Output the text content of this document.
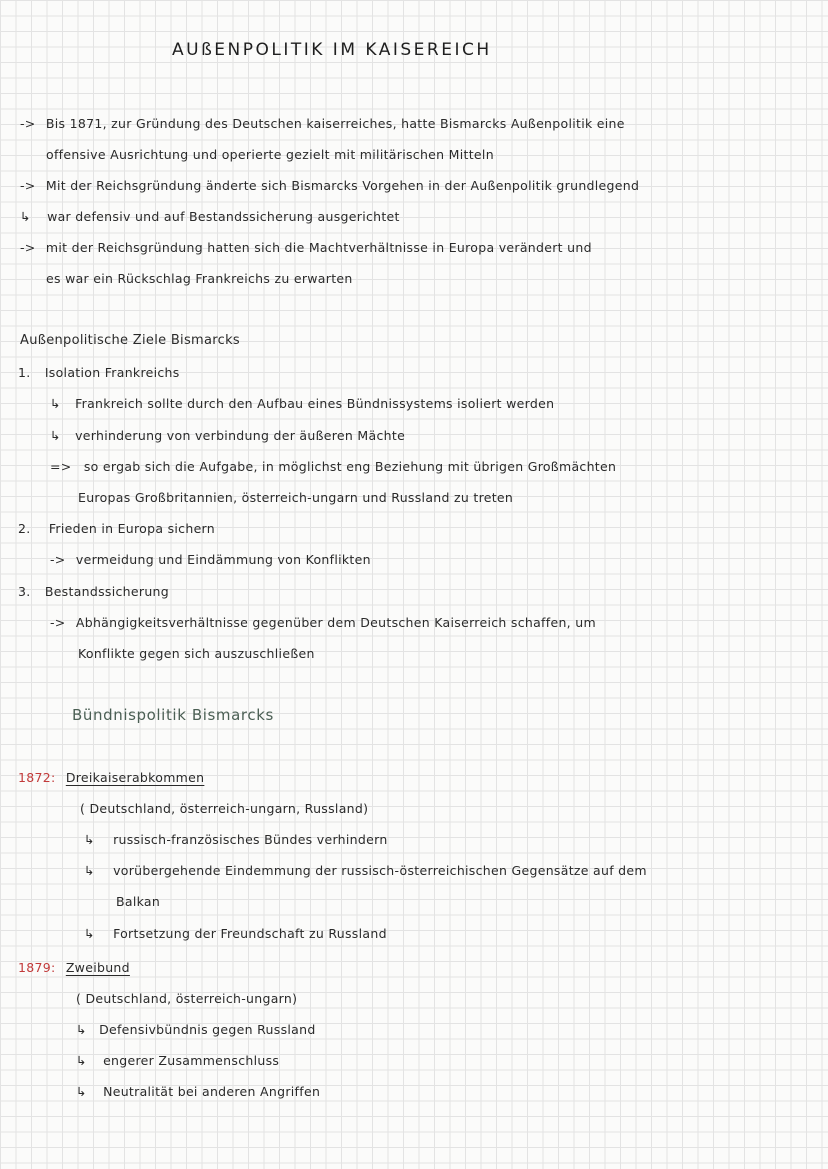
AUßENPOLITIK IM KAISEREICH
-> Bis 1871, zur Gründung des Deutschen kaiserreiches, hatte Bismarcks Außenpolitik eine
offensive Ausrichtung und operierte gezielt mit militärischen Mitteln
-> Mit der Reichsgründung änderte sich Bismarcks Vorgehen in der Außenpolitik grundlegend
↳ war defensiv und auf Bestandssicherung ausgerichtet
-> mit der Reichsgründung hatten sich die Machtverhältnisse in Europa verändert und
es war ein Rückschlag Frankreichs zu erwarten
Außenpolitische Ziele Bismarcks
1. Isolation Frankreichs
↳ Frankreich sollte durch den Aufbau eines Bündnissystems isoliert werden
↳ verhinderung von verbindung der äußeren Mächte
=> so ergab sich die Aufgabe, in möglichst eng Beziehung mit übrigen Großmächten
Europas Großbritannien, österreich-ungarn und Russland zu treten
2. Frieden in Europa sichern
-> vermeidung und Eindämmung von Konflikten
3. Bestandssicherung
-> Abhängigkeitsverhältnisse gegenüber dem Deutschen Kaiserreich schaffen, um
Konflikte gegen sich auszuschließen
Bündnispolitik Bismarcks
1872: Dreikaiserabkommen
( Deutschland, österreich-ungarn, Russland)
↳ russisch-französisches Bündes verhindern
↳ vorübergehende Eindemmung der russisch-österreichischen Gegensätze auf dem
Balkan
↳ Fortsetzung der Freundschaft zu Russland
1879: Zweibund
( Deutschland, österreich-ungarn)
↳ Defensivbündnis gegen Russland
↳ engerer Zusammenschluss
↳ Neutralität bei anderen Angriffen
